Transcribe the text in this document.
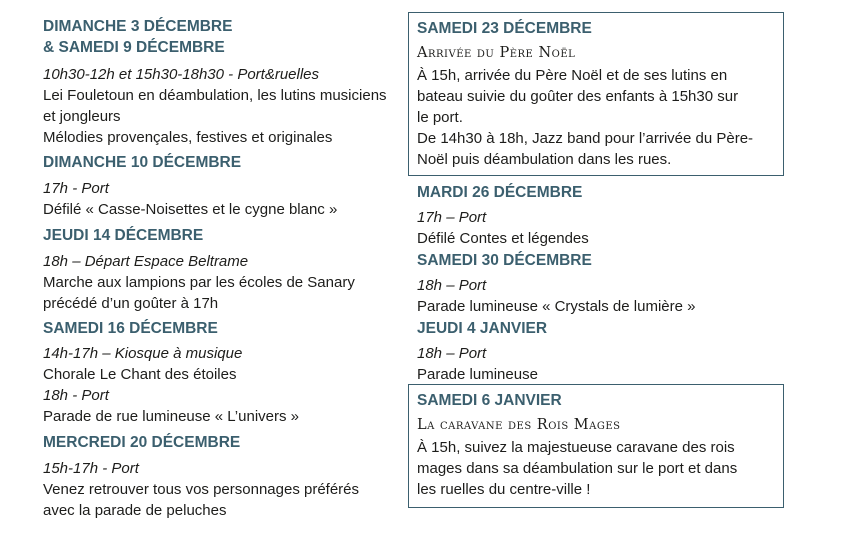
DIMANCHE 3 DÉCEMBRE
& SAMEDI 9 DÉCEMBRE
10h30-12h et 15h30-18h30 - Port&ruelles
Lei Fouletoun en déambulation, les lutins musiciens
et jongleurs
Mélodies provençales, festives et originales
DIMANCHE 10 DÉCEMBRE
17h - Port
Défilé « Casse-Noisettes et le cygne blanc »
JEUDI 14 DÉCEMBRE
18h – Départ Espace Beltrame
Marche aux lampions par les écoles de Sanary
précédé d’un goûter à 17h
SAMEDI 16 DÉCEMBRE
14h-17h – Kiosque à musique
Chorale Le Chant des étoiles
18h - Port
Parade de rue lumineuse « L’univers »
MERCREDI 20 DÉCEMBRE
15h-17h - Port
Venez retrouver tous vos personnages préférés
avec la parade de peluches
SAMEDI 23 DÉCEMBRE
Arrivée du Père Noël
À 15h, arrivée du Père Noël et de ses lutins en
bateau suivie du goûter des enfants à 15h30 sur
le port.
De 14h30 à 18h, Jazz band pour l’arrivée du Père-
Noël puis déambulation dans les rues.
MARDI 26 DÉCEMBRE
17h – Port
Défilé Contes et légendes
SAMEDI 30 DÉCEMBRE
18h – Port
Parade lumineuse « Crystals de lumière »
JEUDI 4 JANVIER
18h – Port
Parade lumineuse
SAMEDI 6 JANVIER
La caravane des Rois Mages
À 15h, suivez la majestueuse caravane des rois
mages dans sa déambulation sur le port et dans
les ruelles du centre-ville !
